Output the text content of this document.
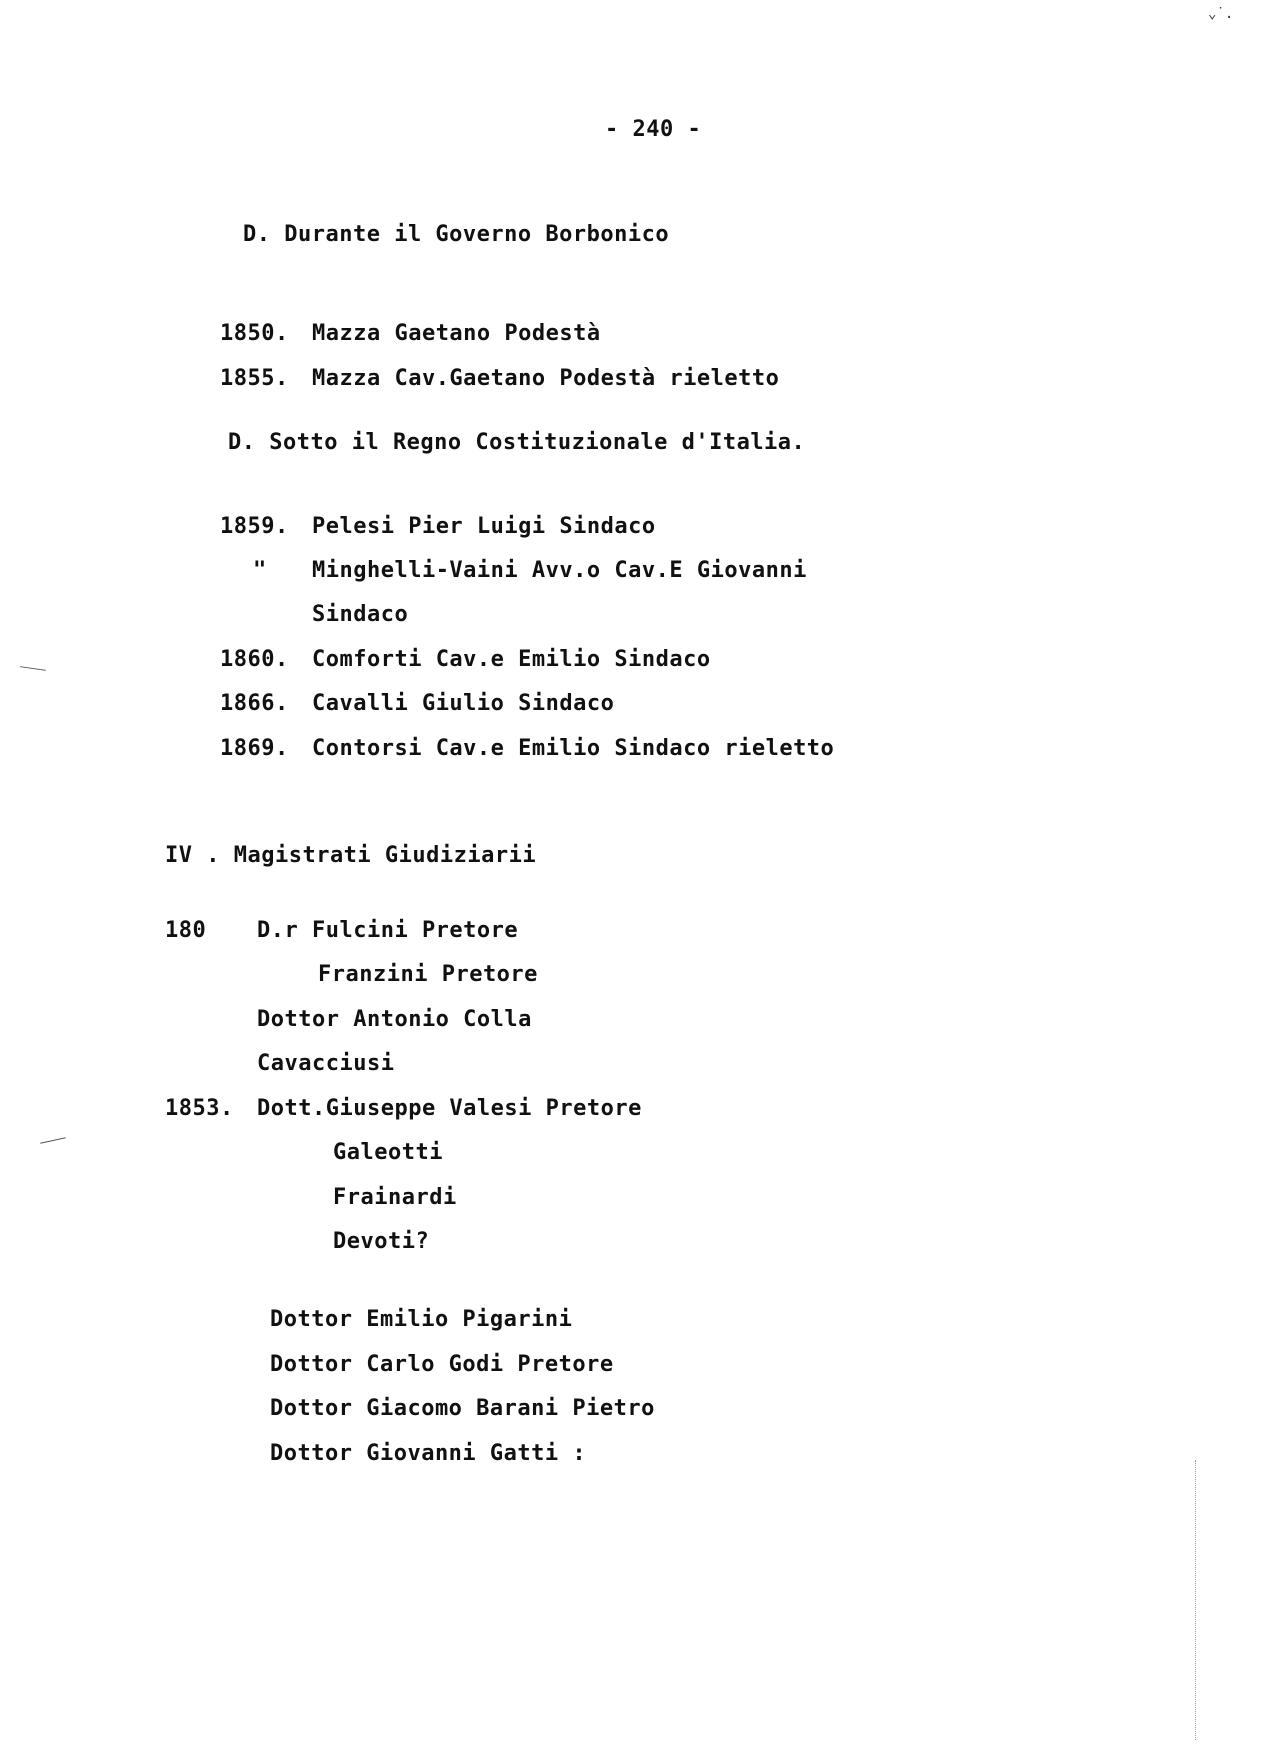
⌄˙.
- 240 -
D. Durante il Governo Borbonico

1850. Mazza Gaetano Podestà

1855. Mazza Cav.Gaetano Podestà rieletto

D. Sotto il Regno Costituzionale d'Italia.

1859. Pelesi Pier Luigi Sindaco

" Minghelli-Vaini Avv.o Cav.E Giovanni

Sindaco

1860. Comforti Cav.e Emilio Sindaco

1866. Cavalli Giulio Sindaco

1869. Contorsi Cav.e Emilio Sindaco rieletto

IV . Magistrati Giudiziarii
180 D.r Fulcini Pretore
Franzini Pretore
Dottor Antonio Colla
Cavacciusi
1853. Dott.Giuseppe Valesi Pretore
Galeotti
Frainardi
Devoti?
Dottor Emilio Pigarini
Dottor Carlo Godi Pretore
Dottor Giacomo Barani Pietro
Dottor Giovanni Gatti :
